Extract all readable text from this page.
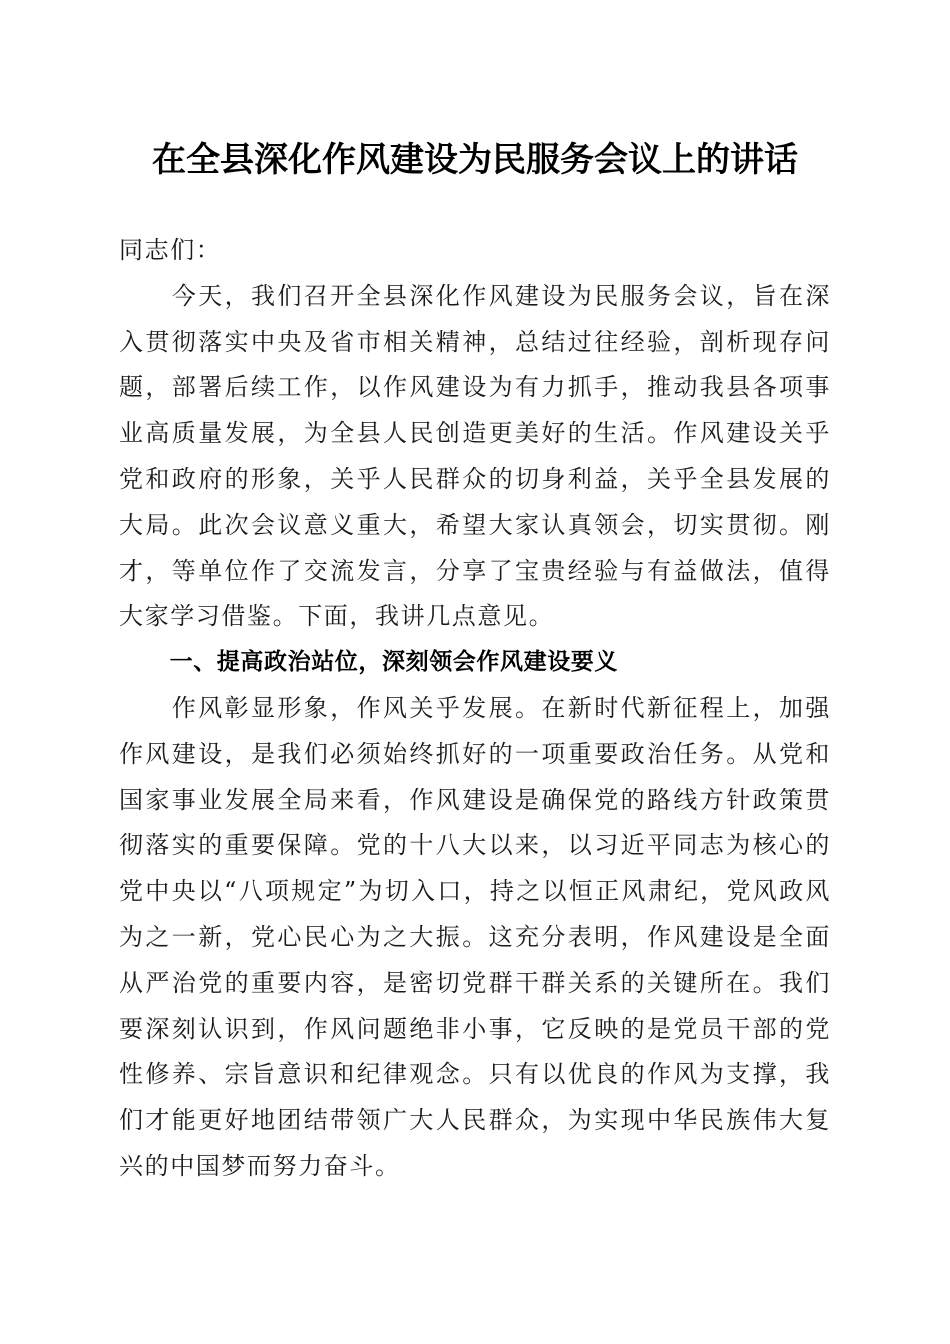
在全县深化作风建设为民服务会议上的讲话

同志们：

今天，我们召开全县深化作风建设为民服务会议，旨在深入贯彻落实中央及省市相关精神，总结过往经验，剖析现存问题，部署后续工作，以作风建设为有力抓手，推动我县各项事业高质量发展，为全县人民创造更美好的生活。作风建设关乎党和政府的形象，关乎人民群众的切身利益，关乎全县发展的大局。此次会议意义重大，希望大家认真领会，切实贯彻。刚才，等单位作了交流发言，分享了宝贵经验与有益做法，值得大家学习借鉴。下面，我讲几点意见。

一、提高政治站位，深刻领会作风建设要义

作风彰显形象，作风关乎发展。在新时代新征程上，加强作风建设，是我们必须始终抓好的一项重要政治任务。从党和国家事业发展全局来看，作风建设是确保党的路线方针政策贯彻落实的重要保障。党的十八大以来，以习近平同志为核心的党中央以“八项规定”为切入口，持之以恒正风肃纪，党风政风为之一新，党心民心为之大振。这充分表明，作风建设是全面从严治党的重要内容，是密切党群干群关系的关键所在。我们要深刻认识到，作风问题绝非小事，它反映的是党员干部的党性修养、宗旨意识和纪律观念。只有以优良的作风为支撑，我们才能更好地团结带领广大人民群众，为实现中华民族伟大复兴的中国梦而努力奋斗。
